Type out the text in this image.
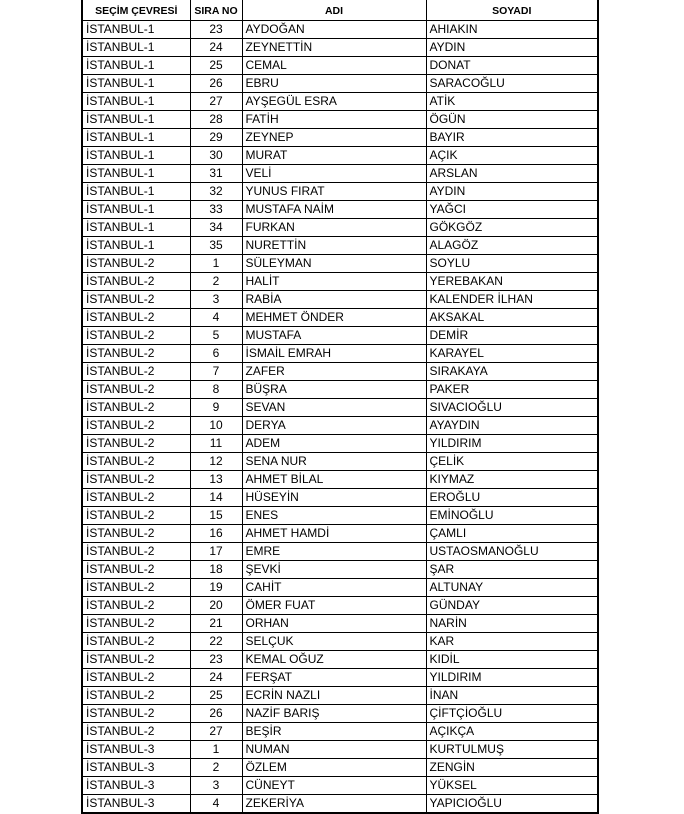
SEÇİM ÇEVRESİ	SIRA NO	ADI	SOYADI
İSTANBUL-1	23	AYDOĞAN	AHIAKIN
İSTANBUL-1	24	ZEYNETTİN	AYDIN
İSTANBUL-1	25	CEMAL	DONAT
İSTANBUL-1	26	EBRU	SARACOĞLU
İSTANBUL-1	27	AYŞEGÜL ESRA	ATİK
İSTANBUL-1	28	FATİH	ÖGÜN
İSTANBUL-1	29	ZEYNEP	BAYIR
İSTANBUL-1	30	MURAT	AÇIK
İSTANBUL-1	31	VELİ	ARSLAN
İSTANBUL-1	32	YUNUS FIRAT	AYDIN
İSTANBUL-1	33	MUSTAFA NAİM	YAĞCI
İSTANBUL-1	34	FURKAN	GÖKGÖZ
İSTANBUL-1	35	NURETTİN	ALAGÖZ
İSTANBUL-2	1	SÜLEYMAN	SOYLU
İSTANBUL-2	2	HALİT	YEREBAKAN
İSTANBUL-2	3	RABİA	KALENDER İLHAN
İSTANBUL-2	4	MEHMET ÖNDER	AKSAKAL
İSTANBUL-2	5	MUSTAFA	DEMİR
İSTANBUL-2	6	İSMAİL EMRAH	KARAYEL
İSTANBUL-2	7	ZAFER	SIRAKAYA
İSTANBUL-2	8	BÜŞRA	PAKER
İSTANBUL-2	9	SEVAN	SIVACIOĞLU
İSTANBUL-2	10	DERYA	AYAYDIN
İSTANBUL-2	11	ADEM	YILDIRIM
İSTANBUL-2	12	SENA NUR	ÇELİK
İSTANBUL-2	13	AHMET BİLAL	KIYMAZ
İSTANBUL-2	14	HÜSEYİN	EROĞLU
İSTANBUL-2	15	ENES	EMİNOĞLU
İSTANBUL-2	16	AHMET HAMDİ	ÇAMLI
İSTANBUL-2	17	EMRE	USTAOSMANOĞLU
İSTANBUL-2	18	ŞEVKİ	ŞAR
İSTANBUL-2	19	CAHİT	ALTUNAY
İSTANBUL-2	20	ÖMER FUAT	GÜNDAY
İSTANBUL-2	21	ORHAN	NARİN
İSTANBUL-2	22	SELÇUK	KAR
İSTANBUL-2	23	KEMAL OĞUZ	KIDİL
İSTANBUL-2	24	FERŞAT	YILDIRIM
İSTANBUL-2	25	ECRİN NAZLI	İNAN
İSTANBUL-2	26	NAZİF BARIŞ	ÇİFTÇİOĞLU
İSTANBUL-2	27	BEŞİR	AÇIKÇA
İSTANBUL-3	1	NUMAN	KURTULMUŞ
İSTANBUL-3	2	ÖZLEM	ZENGİN
İSTANBUL-3	3	CÜNEYT	YÜKSEL
İSTANBUL-3	4	ZEKERİYA	YAPICIOĞLU
